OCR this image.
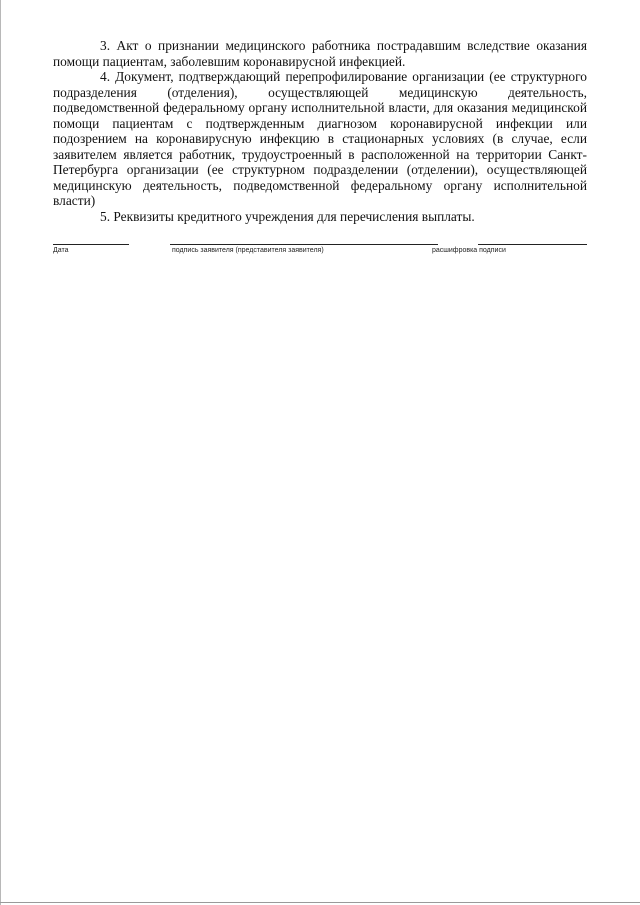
3. Акт о признании медицинского работника пострадавшим вследствие оказания помощи пациентам, заболевшим коронавирусной инфекцией.

4. Документ, подтверждающий перепрофилирование организации (ее структурного подразделения (отделения), осуществляющей медицинскую деятельность, подведомственной федеральному органу исполнительной власти, для оказания медицинской помощи пациентам с подтвержденным диагнозом коронавирусной инфекции или подозрением на коронавирусную инфекцию в стационарных условиях (в случае, если заявителем является работник, трудоустроенный в расположенной на территории Санкт-Петербурга организации (ее структурном подразделении (отделении), осуществляющей медицинскую деятельность, подведомственной федеральному органу исполнительной власти)

5. Реквизиты кредитного учреждения для перечисления выплаты.

Дата	подпись заявителя (представителя заявителя)	расшифровка подписи
